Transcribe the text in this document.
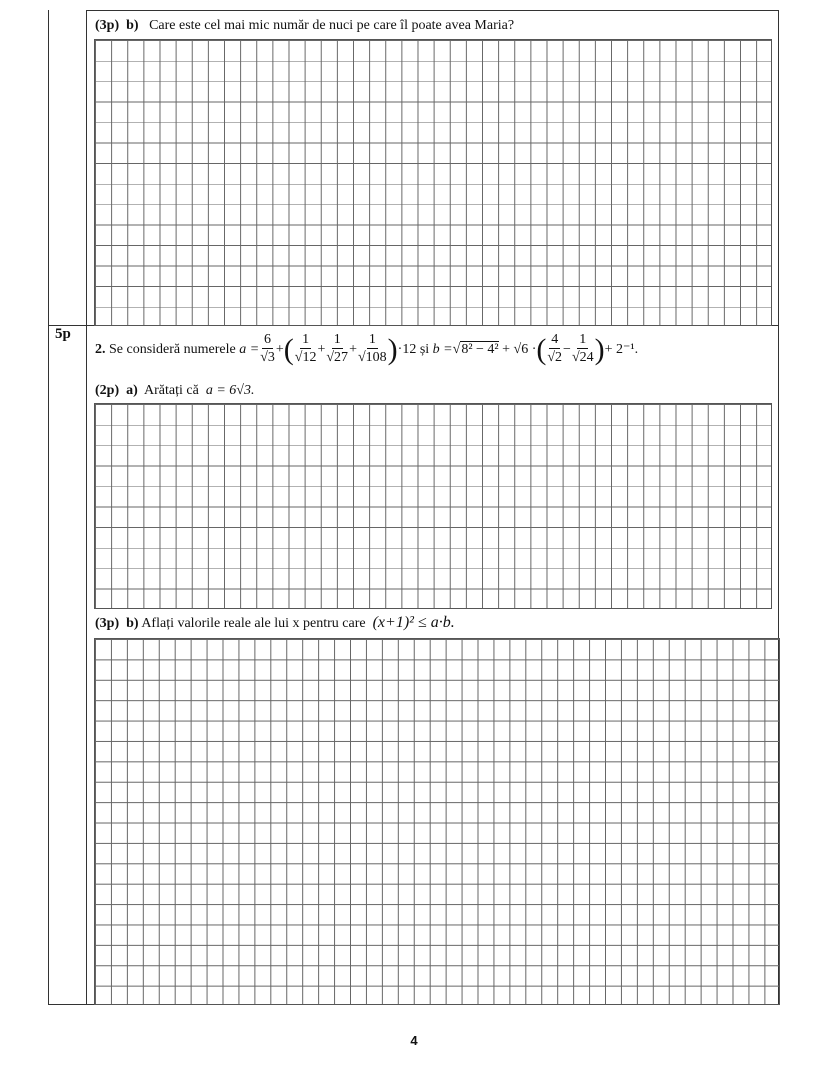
(3p) b) Care este cel mai mic număr de nuci pe care îl poate avea Maria?
5p
2.
Se consideră numerele
$a = \frac{6}{√3}$ + ( $\frac{1}{√12} + \frac{1}{√27} + \frac{1}{√108}$ ) ·12
și
b = √ 8² − 4²
+ √6 · ( $\frac{4}{√2} - \frac{1}{√24}$ ) + 2⁻¹.
(2p) a) Arătați că a = 6√3.
(3p) b) Aflați valorile reale ale lui x pentru care (x+1)² ≤ a·b.
4
